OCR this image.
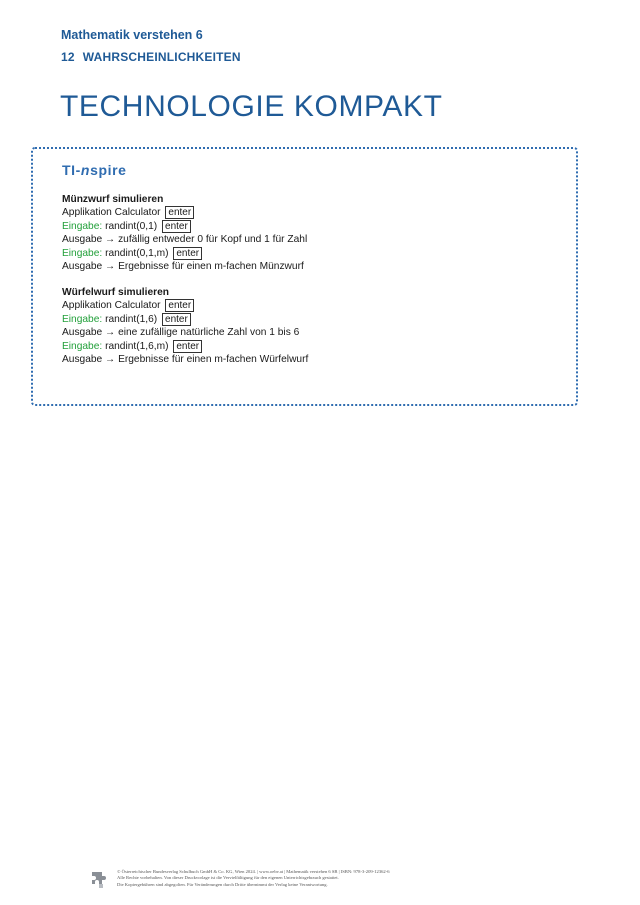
Mathematik verstehen 6
12 WAHRSCHEINLICHKEITEN
TECHNOLOGIE KOMPAKT
TI-nspire
Münzwurf simulieren
Applikation Calculator enter
Eingabe: randint(0,1) enter
Ausgabe → zufällig entweder 0 für Kopf und 1 für Zahl
Eingabe: randint(0,1,m) enter
Ausgabe → Ergebnisse für einen m-fachen Münzwurf
Würfelwurf simulieren
Applikation Calculator enter
Eingabe: randint(1,6) enter
Ausgabe → eine zufällige natürliche Zahl von 1 bis 6
Eingabe: randint(1,6,m) enter
Ausgabe → Ergebnisse für einen m-fachen Würfelwurf
© Österreichischer Bundesverlag Schulbuch GmbH & Co. KG, Wien 2024. | www.oebv.at | Mathematik verstehen 6 SB | ISBN: 978-3-209-12362-6
Alle Rechte vorbehalten. Von dieser Druckvorlage ist die Vervielfältigung für den eigenen Unterrichtsgebrauch gestattet.
Die Kopiergebühren sind abgegolten. Für Veränderungen durch Dritte übernimmt der Verlag keine Verantwortung.
